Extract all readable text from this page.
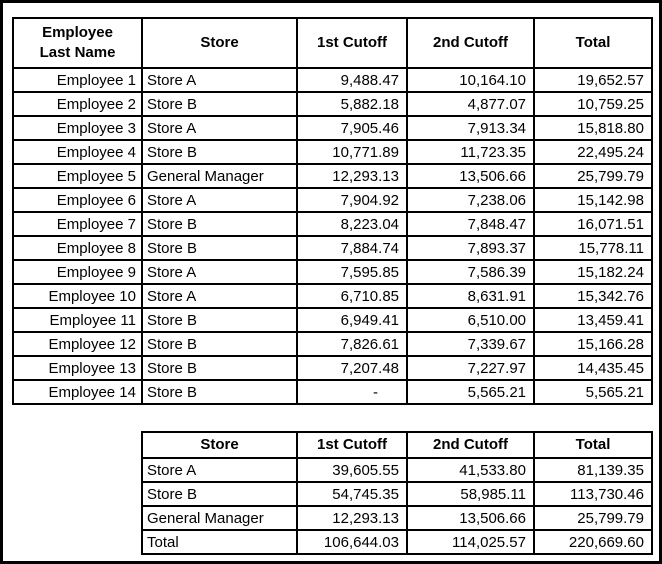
Employee
Last Name	Store	1st Cutoff	2nd Cutoff	Total
Employee 1	Store A	9,488.47	10,164.10	19,652.57
Employee 2	Store B	5,882.18	4,877.07	10,759.25
Employee 3	Store A	7,905.46	7,913.34	15,818.80
Employee 4	Store B	10,771.89	11,723.35	22,495.24
Employee 5	General Manager	12,293.13	13,506.66	25,799.79
Employee 6	Store A	7,904.92	7,238.06	15,142.98
Employee 7	Store B	8,223.04	7,848.47	16,071.51
Employee 8	Store B	7,884.74	7,893.37	15,778.11
Employee 9	Store A	7,595.85	7,586.39	15,182.24
Employee 10	Store A	6,710.85	8,631.91	15,342.76
Employee 11	Store B	6,949.41	6,510.00	13,459.41
Employee 12	Store B	7,826.61	7,339.67	15,166.28
Employee 13	Store B	7,207.48	7,227.97	14,435.45
Employee 14	Store B	-	5,565.21	5,565.21
Store	1st Cutoff	2nd Cutoff	Total
Store A	39,605.55	41,533.80	81,139.35
Store B	54,745.35	58,985.11	113,730.46
General Manager	12,293.13	13,506.66	25,799.79
Total	106,644.03	114,025.57	220,669.60
